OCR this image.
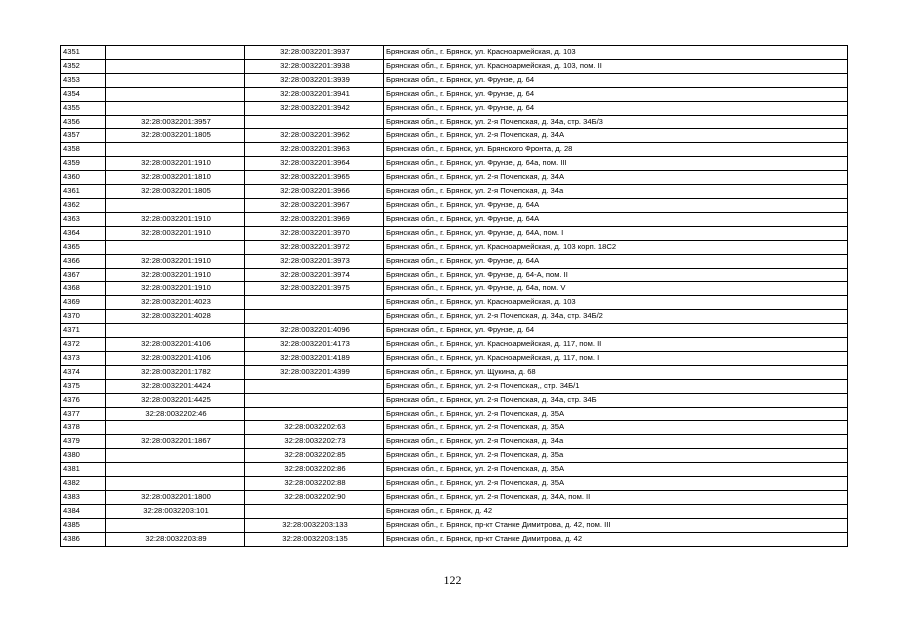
4351		32:28:0032201:3937	Брянская обл., г. Брянск, ул. Красноармейская, д. 103
4352		32:28:0032201:3938	Брянская обл., г. Брянск, ул. Красноармейская, д. 103, пом. II
4353		32:28:0032201:3939	Брянская обл., г. Брянск, ул. Фрунзе, д. 64
4354		32:28:0032201:3941	Брянская обл., г. Брянск, ул. Фрунзе, д. 64
4355		32:28:0032201:3942	Брянская обл., г. Брянск, ул. Фрунзе, д. 64
4356	32:28:0032201:3957		Брянская обл., г. Брянск, ул. 2-я Почепская, д. 34а, стр. 34Б/3
4357	32:28:0032201:1805	32:28:0032201:3962	Брянская обл., г. Брянск, ул. 2-я Почепская, д. 34А
4358		32:28:0032201:3963	Брянская обл., г. Брянск, ул. Брянского Фронта, д. 28
4359	32:28:0032201:1910	32:28:0032201:3964	Брянская обл., г. Брянск, ул. Фрунзе, д. 64а, пом. III
4360	32:28:0032201:1810	32:28:0032201:3965	Брянская обл., г. Брянск, ул. 2-я Почепская, д. 34А
4361	32:28:0032201:1805	32:28:0032201:3966	Брянская обл., г. Брянск, ул. 2-я Почепская, д. 34а
4362		32:28:0032201:3967	Брянская обл., г. Брянск, ул. Фрунзе, д. 64А
4363	32:28:0032201:1910	32:28:0032201:3969	Брянская обл., г. Брянск, ул. Фрунзе, д. 64А
4364	32:28:0032201:1910	32:28:0032201:3970	Брянская обл., г. Брянск, ул. Фрунзе, д. 64А, пом. I
4365		32:28:0032201:3972	Брянская обл., г. Брянск, ул. Красноармейская, д. 103 корп. 18С2
4366	32:28:0032201:1910	32:28:0032201:3973	Брянская обл., г. Брянск, ул. Фрунзе, д. 64А
4367	32:28:0032201:1910	32:28:0032201:3974	Брянская обл., г. Брянск, ул. Фрунзе, д. 64-А, пом. II
4368	32:28:0032201:1910	32:28:0032201:3975	Брянская обл., г. Брянск, ул. Фрунзе, д. 64а, пом. V
4369	32:28:0032201:4023		Брянская обл., г. Брянск, ул. Красноармейская, д. 103
4370	32:28:0032201:4028		Брянская обл., г. Брянск, ул. 2-я Почепская, д. 34а, стр. 34Б/2
4371		32:28:0032201:4096	Брянская обл., г. Брянск, ул. Фрунзе, д. 64
4372	32:28:0032201:4106	32:28:0032201:4173	Брянская обл., г. Брянск, ул. Красноармейская, д. 117, пом. II
4373	32:28:0032201:4106	32:28:0032201:4189	Брянская обл., г. Брянск, ул. Красноармейская, д. 117, пом. I
4374	32:28:0032201:1782	32:28:0032201:4399	Брянская обл., г. Брянск, ул. Щукина, д. 68
4375	32:28:0032201:4424		Брянская обл., г. Брянск, ул. 2-я Почепская,, стр. 34Б/1
4376	32:28:0032201:4425		Брянская обл., г. Брянск, ул. 2-я Почепская, д. 34а, стр. 34Б
4377	32:28:0032202:46		Брянская обл., г. Брянск, ул. 2-я Почепская, д. 35А
4378		32:28:0032202:63	Брянская обл., г. Брянск, ул. 2-я Почепская, д. 35А
4379	32:28:0032201:1867	32:28:0032202:73	Брянская обл., г. Брянск, ул. 2-я Почепская, д. 34а
4380		32:28:0032202:85	Брянская обл., г. Брянск, ул. 2-я Почепская, д. 35а
4381		32:28:0032202:86	Брянская обл., г. Брянск, ул. 2-я Почепская, д. 35А
4382		32:28:0032202:88	Брянская обл., г. Брянск, ул. 2-я Почепская, д. 35А
4383	32:28:0032201:1800	32:28:0032202:90	Брянская обл., г. Брянск, ул. 2-я Почепская, д. 34А, пом. II
4384	32:28:0032203:101		Брянская обл., г. Брянск, д. 42
4385		32:28:0032203:133	Брянская обл., г. Брянск, пр-кт Станке Димитрова, д. 42, пом. III
4386	32:28:0032203:89	32:28:0032203:135	Брянская обл., г. Брянск, пр-кт Станке Димитрова, д. 42
122
